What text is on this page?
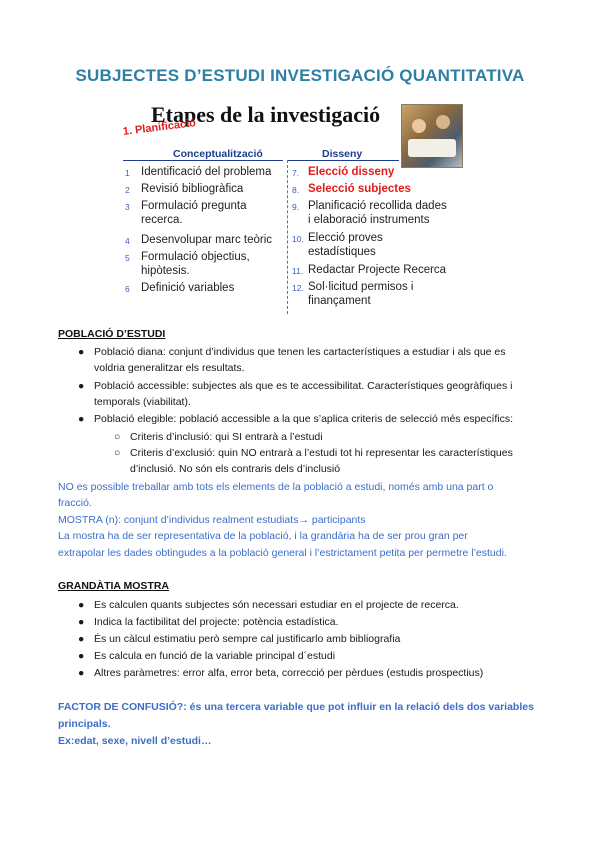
SUBJECTES D’ESTUDI INVESTIGACIÓ QUANTITATIVA
Etapes de la investigació
1. Planificació
Conceptualització	Disseny
1 Identificació del problema
2 Revisió bibliogràfica
3 Formulació pregunta
recerca.
4 Desenvolupar marc teòric
5 Formulació objectius,
hipòtesis.
6 Definició variables
7. Elecció disseny
8. Selecció subjectes
9. Planificació recollida dades
i elaboració instruments
10. Elecció proves
estadístiques
11. Redactar Projecte Recerca
12. Sol·licitud permisos i
finançament
POBLACIÓ D’ESTUDI
● Població diana: conjunt d’individus que tenen les cartacterístiques a estudiar i als que es
voldria generalitzar els resultats.
● Població accessible: subjectes als que es te accessibilitat. Característiques geogràfiques i
temporals (viabilitat).
● Població elegible: població accessible a la que s’aplica criteris de selecció més específics:
○ Criteris d’inclusió: qui SI entrarà a l’estudi
○ Criteris d’exclusió: quin NO entrarà a l’estudi tot hi representar les característiques
d’inclusió. No són els contraris dels d’inclusió
NO es possible treballar amb tots els elements de la població a estudi, només amb una part o
fracció.
MOSTRA (n): conjunt d’individus realment estudiats→ participants
La mostra ha de ser representativa de la població, i la grandària ha de ser prou gran per
extrapolar les dades obtingudes a la població general i l’estrictament petita per permetre l’estudi.
GRANDÀTIA MOSTRA
● Es calculen quants subjectes són necessari estudiar en el projecte de recerca.
● Indica la factibilitat del projecte: potència estadística.
● És un càlcul estimatiu però sempre cal justificarlo amb bibliografia
● Es calcula en funció de la variable principal d´estudi
● Altres paràmetres: error alfa, error beta, correcció per pèrdues (estudis prospectius)
FACTOR DE CONFUSIÓ?: és una tercera variable que pot influir en la relació dels dos variables
principals.
Ex:edat, sexe, nivell d’estudi…
